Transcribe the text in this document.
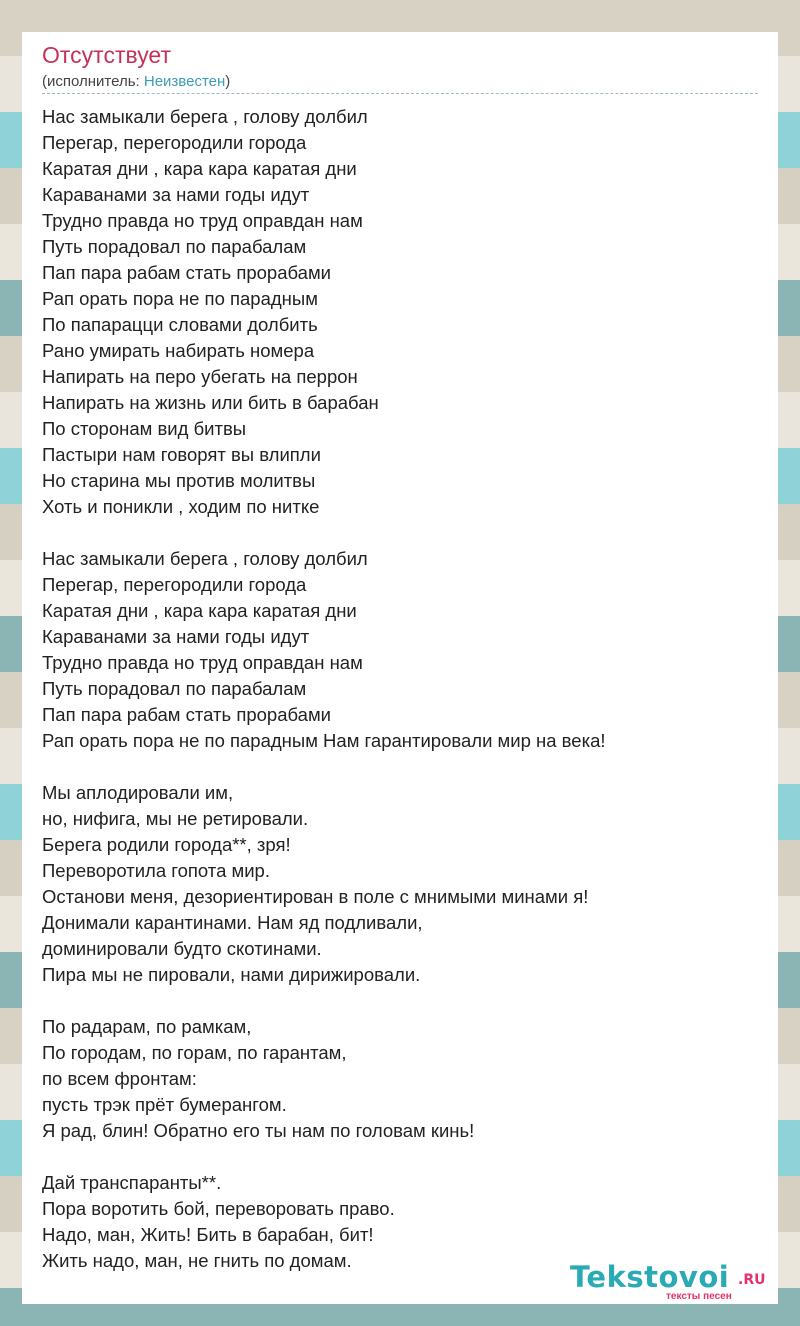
Отсутствует
(исполнитель: Неизвестен)
Нас замыкали берега , голову долбил
Перегар, перегородили города
Каратая дни , кара кара каратая дни
Караванами за нами годы идут
Трудно правда но труд оправдан нам
Путь порадовал по парабалам
Пап пара рабам стать прорабами
Рап орать пора не по парадным
По папарацци словами долбить
Рано умирать набирать номера
Напирать на перо убегать на перрон
Напирать на жизнь или бить в барабан
По сторонам вид битвы
Пастыри нам говорят вы влипли
Но старина мы против молитвы
Хоть и поникли , ходим по нитке
Нас замыкали берега , голову долбил
Перегар, перегородили города
Каратая дни , кара кара каратая дни
Караванами за нами годы идут
Трудно правда но труд оправдан нам
Путь порадовал по парабалам
Пап пара рабам стать прорабами
Рап орать пора не по парадным Нам гарантировали мир на века!
Мы аплодировали им,
но, нифига, мы не ретировали.
Берега родили города**, зря!
Переворотила гопота мир.
Останови меня, дезориентирован в поле с мнимыми минами я!
Донимали карантинами. Нам яд подливали,
доминировали будто скотинами.
Пира мы не пировали, нами дирижировали.
По радарам, по рамкам,
По городам, по горам, по гарантам,
по всем фронтам:
пусть трэк прёт бумерангом.
Я рад, блин! Обратно его ты нам по головам кинь!
Дай транспаранты**.
Пора воротить бой, переворовать право.
Надо, ман, Жить! Бить в барабан, бит!
Жить надо, ман, не гнить по домам.	Tekstovoi .RU
тексты песен
